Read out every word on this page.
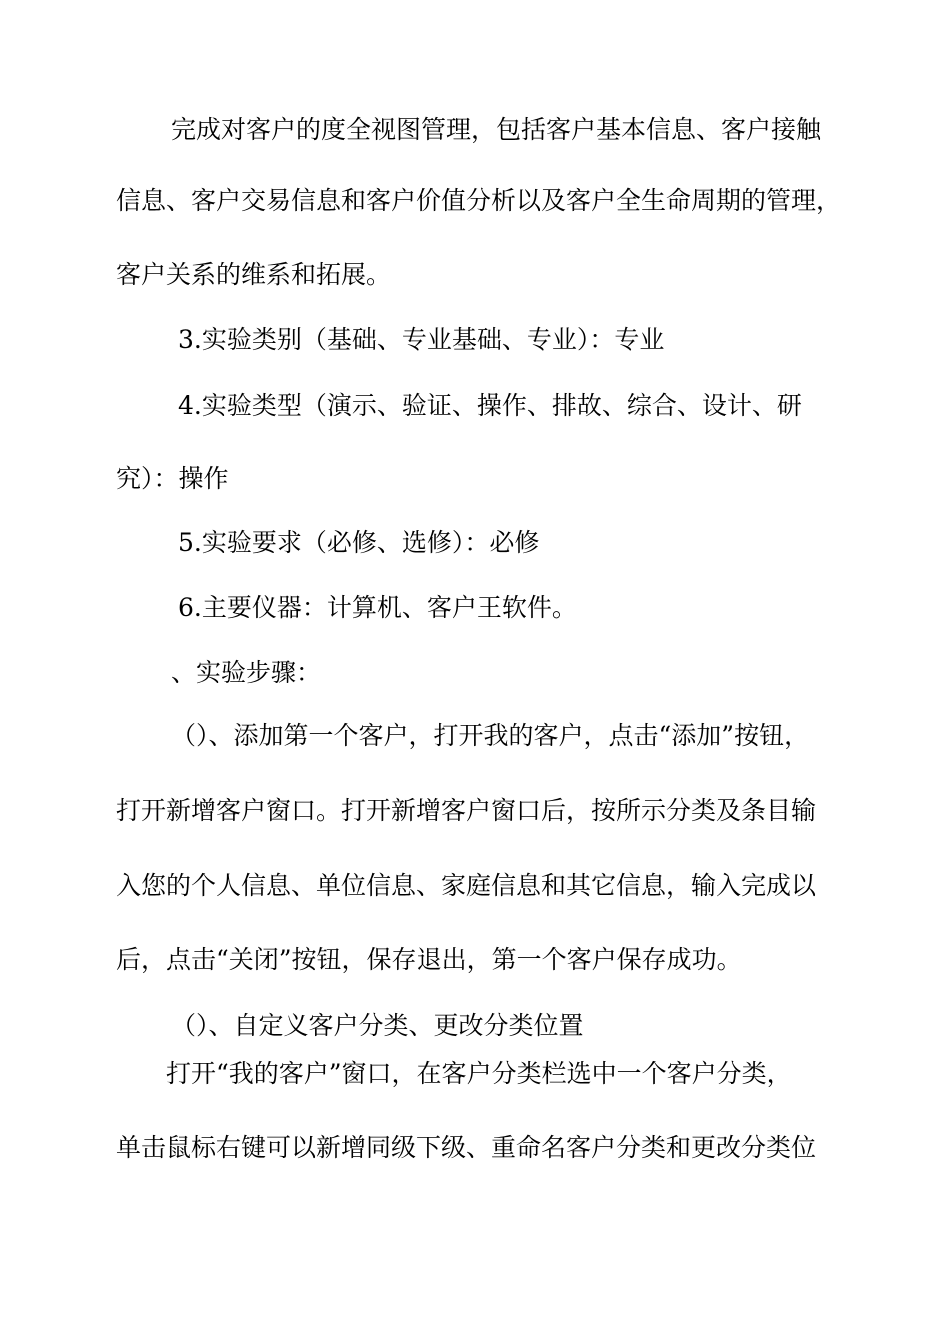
完成对客户的度全视图管理，包括客户基本信息、客户接触

信息、客户交易信息和客户价值分析以及客户全生命周期的管理，

客户关系的维系和拓展。

3.实验类别（基础、专业基础、专业）：专业

4.实验类型（演示、验证、操作、排故、综合、设计、研

究）：操作

5.实验要求（必修、选修）：必修

6.主要仪器：计算机、客户王软件。

、实验步骤：

（）、添加第一个客户，打开我的客户，点击“添加”按钮，

打开新增客户窗口。打开新增客户窗口后，按所示分类及条目输

入您的个人信息、单位信息、家庭信息和其它信息，输入完成以

后，点击“关闭”按钮，保存退出，第一个客户保存成功。

（）、自定义客户分类、更改分类位置

打开“我的客户”窗口，在客户分类栏选中一个客户分类，

单击鼠标右键可以新增同级下级、重命名客户分类和更改分类位
